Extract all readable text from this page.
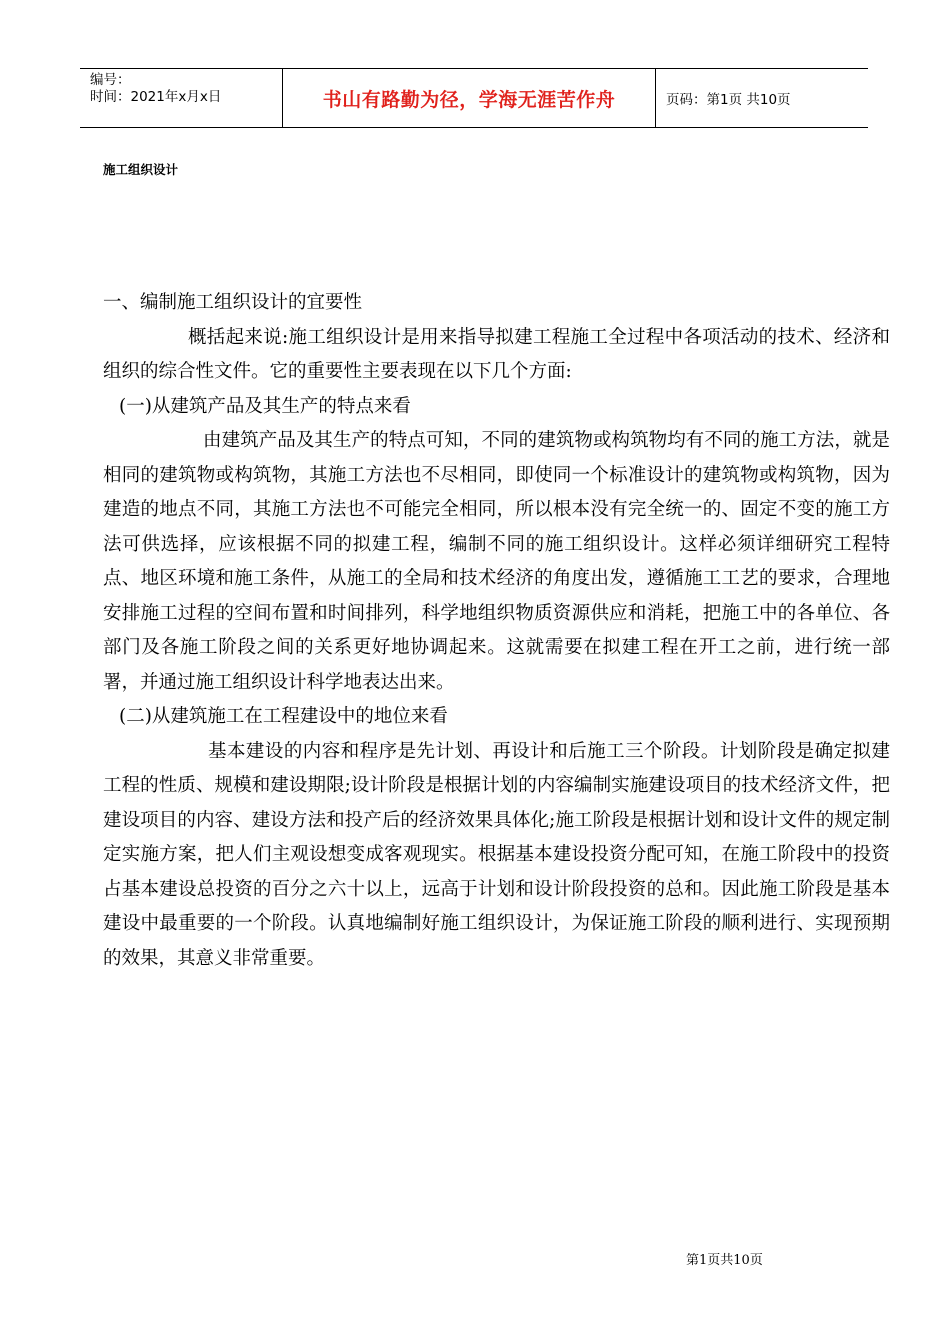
编号：
时间：2021年x月x日	书山有路勤为径，学海无涯苦作舟	页码：第1页 共10页
施工组织设计

一、编制施工组织设计的宜要性

概括起来说:施工组织设计是用来指导拟建工程施工全过程中各项活动的技术、经济和组织的综合性文件。它的重要性主要表现在以下几个方面:

(一)从建筑产品及其生产的特点来看

由建筑产品及其生产的特点可知，不同的建筑物或构筑物均有不同的施工方法，就是相同的建筑物或构筑物，其施工方法也不尽相同，即使同一个标准设计的建筑物或构筑物，因为建造的地点不同，其施工方法也不可能完全相同，所以根本没有完全统一的、固定不变的施工方法可供选择，应该根据不同的拟建工程，编制不同的施工组织设计。这样必须详细研究工程特点、地区环境和施工条件，从施工的全局和技术经济的角度出发，遵循施工工艺的要求，合理地安排施工过程的空间布置和时间排列，科学地组织物质资源供应和消耗，把施工中的各单位、各部门及各施工阶段之间的关系更好地协调起来。这就需要在拟建工程在开工之前，进行统一部署，并通过施工组织设计科学地表达出来。

(二)从建筑施工在工程建设中的地位来看

基本建设的内容和程序是先计划、再设计和后施工三个阶段。计划阶段是确定拟建工程的性质、规模和建设期限;设计阶段是根据计划的内容编制实施建设项目的技术经济文件，把建设项目的内容、建设方法和投产后的经济效果具体化;施工阶段是根据计划和设计文件的规定制定实施方案，把人们主观设想变成客观现实。根据基本建设投资分配可知，在施工阶段中的投资占基本建设总投资的百分之六十以上，远高于计划和设计阶段投资的总和。因此施工阶段是基本建设中最重要的一个阶段。认真地编制好施工组织设计，为保证施工阶段的顺利进行、实现预期的效果，其意义非常重要。

第1页共10页
